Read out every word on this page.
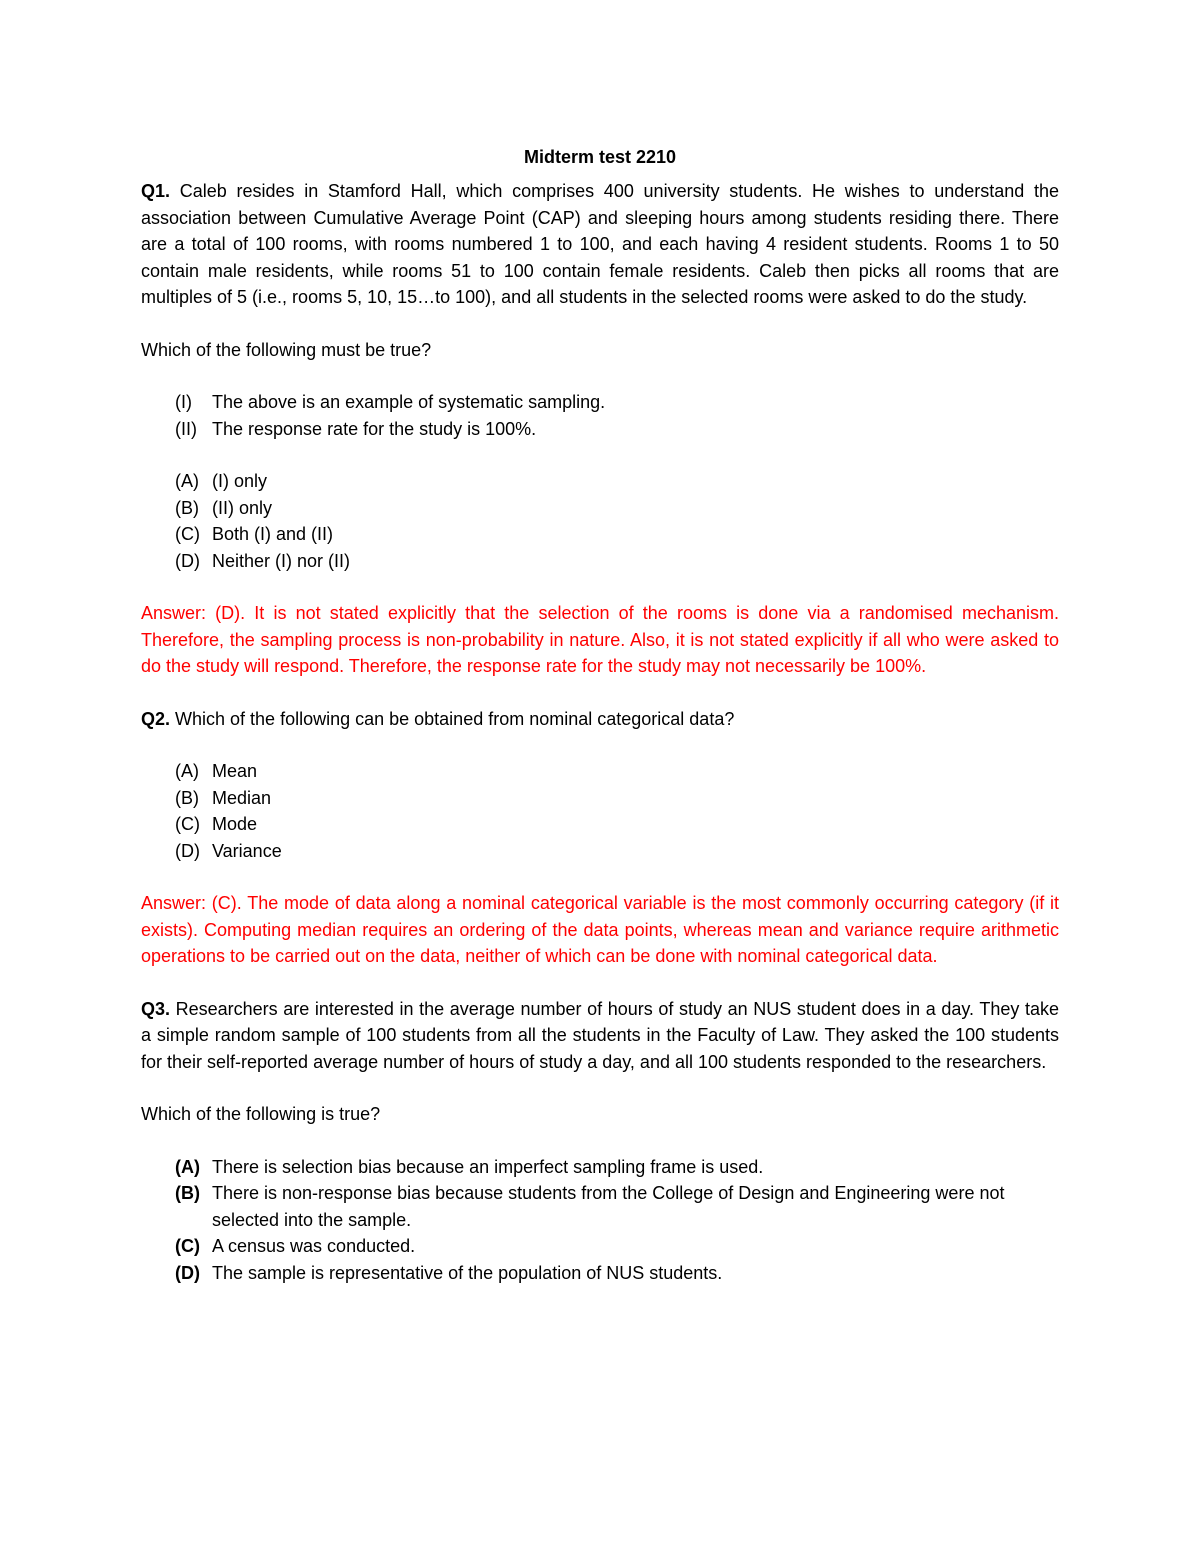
Midterm test 2210

Q1. Caleb resides in Stamford Hall, which comprises 400 university students. He wishes to understand the association between Cumulative Average Point (CAP) and sleeping hours among students residing there. There are a total of 100 rooms, with rooms numbered 1 to 100, and each having 4 resident students. Rooms 1 to 50 contain male residents, while rooms 51 to 100 contain female residents. Caleb then picks all rooms that are multiples of 5 (i.e., rooms 5, 10, 15…to 100), and all students in the selected rooms were asked to do the study.

Which of the following must be true?

(I) The above is an example of systematic sampling.
(II) The response rate for the study is 100%.
(A) (I) only
(B) (II) only
(C) Both (I) and (II)
(D) Neither (I) nor (II)

Answer: (D). It is not stated explicitly that the selection of the rooms is done via a randomised mechanism. Therefore, the sampling process is non-probability in nature. Also, it is not stated explicitly if all who were asked to do the study will respond. Therefore, the response rate for the study may not necessarily be 100%.

Q2. Which of the following can be obtained from nominal categorical data?

(A) Mean
(B) Median
(C) Mode
(D) Variance

Answer: (C). The mode of data along a nominal categorical variable is the most commonly occurring category (if it exists). Computing median requires an ordering of the data points, whereas mean and variance require arithmetic operations to be carried out on the data, neither of which can be done with nominal categorical data.

Q3. Researchers are interested in the average number of hours of study an NUS student does in a day. They take a simple random sample of 100 students from all the students in the Faculty of Law. They asked the 100 students for their self-reported average number of hours of study a day, and all 100 students responded to the researchers.

Which of the following is true?

(A) There is selection bias because an imperfect sampling frame is used.
(B) There is non-response bias because students from the College of Design and Engineering were not selected into the sample.
(C) A census was conducted.
(D) The sample is representative of the population of NUS students.
